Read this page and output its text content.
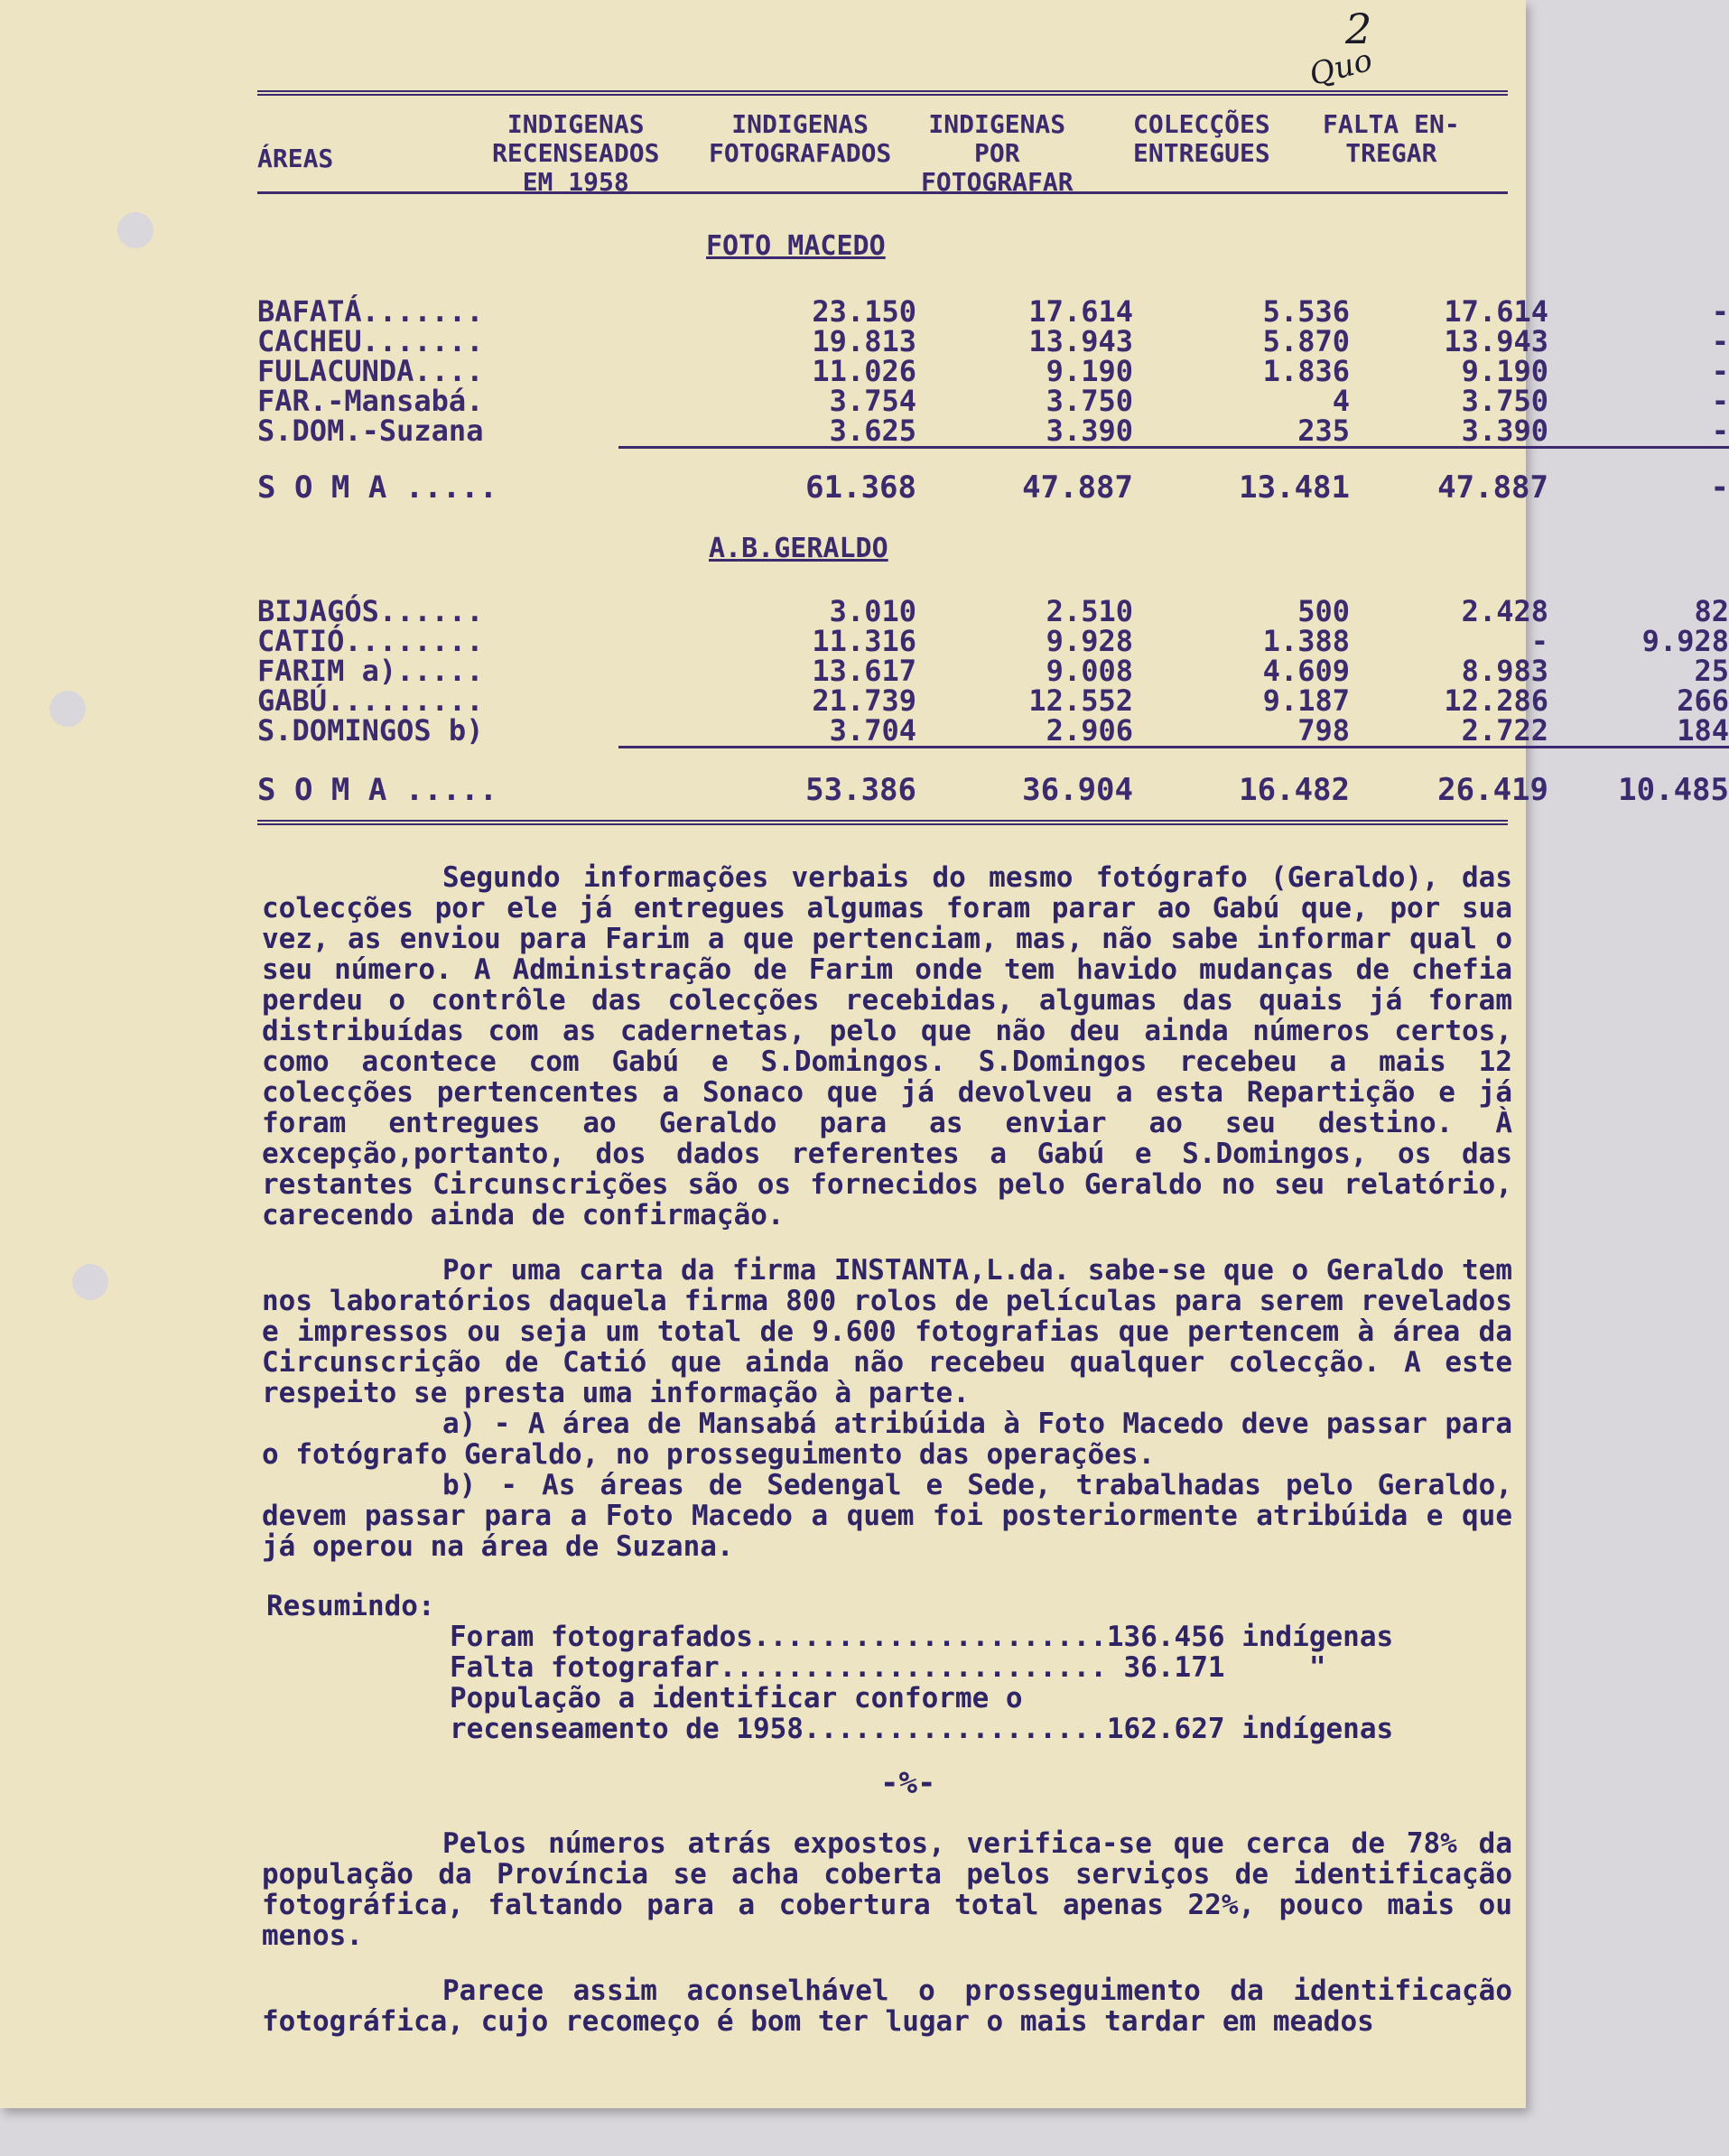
2
Quo
ÁREAS
INDIGENAS
RECENSEADOS
EM 1958
INDIGENAS
FOTOGRAFADOS
INDIGENAS
POR
FOTOGRAFAR
COLECÇÕES
ENTREGUES
FALTA EN-
TREGAR
FOTO MACEDO
BAFATÁ.......	23.150	17.614	5.536	17.614	-
CACHEU.......	19.813	13.943	5.870	13.943	-
FULACUNDA....	11.026	9.190	1.836	9.190	-
FAR.-Mansabá.	3.754	3.750	4	3.750	-
S.DOM.-Suzana	3.625	3.390	235	3.390	-
S O M A .....	61.368	47.887	13.481	47.887	-
A.B.GERALDO
BIJAGÓS......	3.010	2.510	500	2.428	82
CATIÓ........	11.316	9.928	1.388	-	9.928
FARIM a).....	13.617	9.008	4.609	8.983	25
GABÚ.........	21.739	12.552	9.187	12.286	266
S.DOMINGOS b)	3.704	2.906	798	2.722	184
S O M A .....	53.386	36.904	16.482	26.419	10.485

Segundo informações verbais do mesmo fotógrafo (Geraldo), das colecções por ele já entregues algumas foram parar ao Gabú que, por sua vez, as enviou para Farim a que pertenciam, mas, não sabe informar qual o seu número. A Administração de Farim onde tem havido mudanças de chefia perdeu o contrôle das colecções recebidas, algumas das quais já foram distribuídas com as cadernetas, pelo que não deu ainda números certos, como acontece com Gabú e S.Domingos. S.Domingos recebeu a mais 12 colecções pertencentes a Sonaco que já devolveu a esta Repartição e já foram entregues ao Geraldo para as enviar ao seu destino. À excepção,portanto, dos dados referentes a Gabú e S.Domingos, os das restantes Circunscrições são os fornecidos pelo Geraldo no seu relatório, carecendo ainda de confirmação.

Por uma carta da firma INSTANTA,L.da. sabe-se que o Geraldo tem nos laboratórios daquela firma 800 rolos de películas para serem revelados e impressos ou seja um total de 9.600 fotografias que pertencem à área da Circunscrição de Catió que ainda não recebeu qualquer colecção. A este respeito se presta uma informação à parte.

a) - A área de Mansabá atribúida à Foto Macedo deve passar para o fotógrafo Geraldo, no prosseguimento das operações.

b) - As áreas de Sedengal e Sede, trabalhadas pelo Geraldo, devem passar para a Foto Macedo a quem foi posteriormente atribúida e que já operou na área de Suzana.

Resumindo:
Foram fotografados.....................136.456 indígenas
Falta fotografar....................... 36.171     "
População a identificar conforme o
recenseamento de 1958..................162.627 indígenas
-%-

Pelos números atrás expostos, verifica-se que cerca de 78% da população da Província se acha coberta pelos serviços de identificação fotográfica, faltando para a cobertura total apenas 22%, pouco mais ou menos.

Parece assim aconselhável o prosseguimento da identificação fotográfica, cujo recomeço é bom ter lugar o mais tardar em meados
